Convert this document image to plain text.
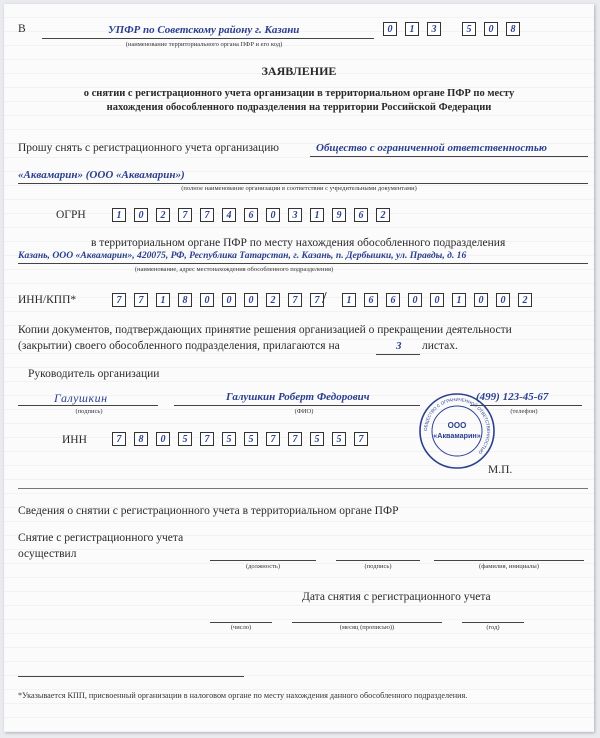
В	УПФР по Советскому району г. Казани
(наименование территориального органа ПФР и его код)
0	1	3	5	0	8
ЗАЯВЛЕНИЕ
о снятии с регистрационного учета организации в территориальном органе ПФР по месту
нахождения обособленного подразделения на территории Российской Федерации
Прошу снять с регистрационного учета организацию	Общество с ограниченной ответственностью
«Аквамарин» (ООО «Аквамарин»)
(полное наименование организации в соответствии с учредительными документами)
ОГРН	1	0	2	7	7	4	6	0	3	1	9	6	2
в территориальном органе ПФР по месту нахождения обособленного подразделения
Казань, ООО «Аквамарин», 420075, РФ, Республика Татарстан, г. Казань, п. Дербышки, ул. Правды, д. 16
(наименование, адрес местонахождения обособленного подразделения)
ИНН/КПП*	7	7	1	8	0	0	0	2	7	7 /	1	6	6	0	0	1	0	0	2
Копии документов, подтверждающих принятие решения организацией о прекращении деятельности
(закрытии) своего обособленного подразделения, прилагаются на	3 листах.
Руководитель организации
Галушкин
(подпись)
Галушкин Роберт Федорович
(ФИО)
(499) 123-45-67
(телефон)
ИНН	7	8	0	5	7	5	5	7	7	5	5	7
М.П.
ОБЩЕСТВО С ОГРАНИЧЕННОЙ ОТВЕТСТВЕННОСТЬЮ
ООО
«Аквамарин»
Сведения о снятии с регистрационного учета в территориальном органе ПФР
Снятие с регистрационного учета
осуществил
(должность)	(подпись)	(фамилия, инициалы)
Дата снятия с регистрационного учета
(число)	(месяц (прописью))	(год)
*Указывается КПП, присвоенный организации в налоговом органе по месту нахождения данного обособленного подразделения.
